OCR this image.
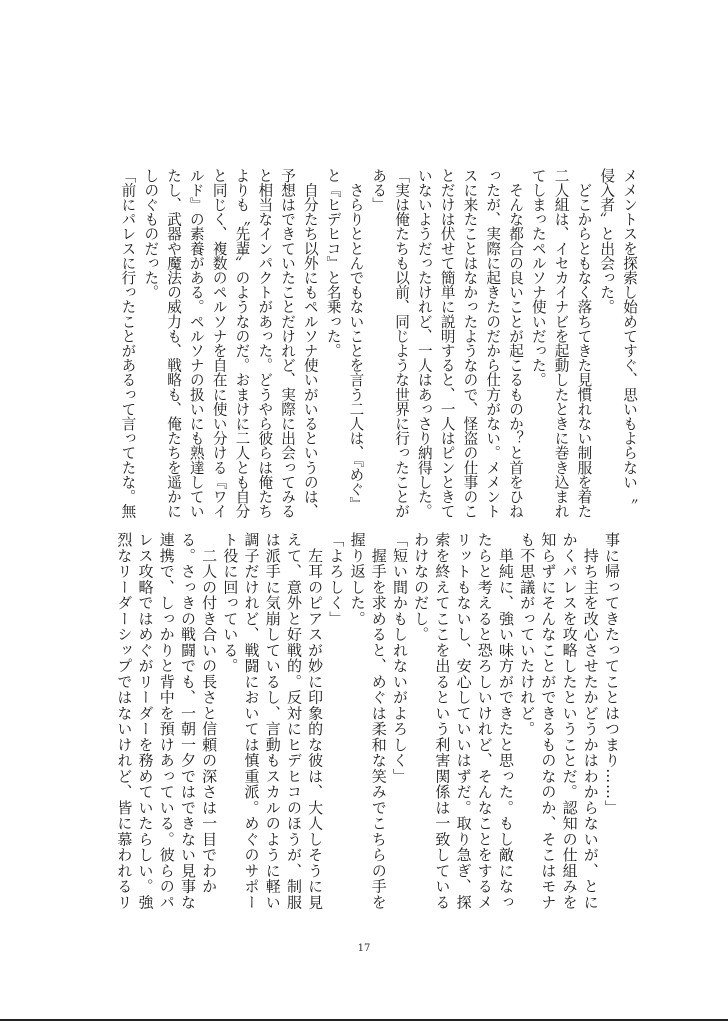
メメントスを探索し始めてすぐ、思いもよらない〝
侵入者〟と出会った。
　どこからともなく落ちてきた見慣れない制服を着た
二人組は、イセカイナビを起動したときに巻き込まれ
てしまったペルソナ使いだった。
　そんな都合の良いことが起こるものか？と首をひね
ったが、実際に起きたのだから仕方がない。メメント
スに来たことはなかったようなので、怪盗の仕事のこ
とだけは伏せて簡単に説明すると、一人はピンときて
いないようだったけれど、一人はあっさり納得した。
「実は俺たちも以前、同じような世界に行ったことが
ある」
　さらりととんでもないことを言う二人は、『めぐ』
と『ヒデヒコ』と名乗った。
　自分たち以外にもペルソナ使いがいるというのは、
予想はできていたことだけれど、実際に出会ってみる
と相当なインパクトがあった。どうやら彼らは俺たち
よりも〝先輩〟のようなのだ。おまけに二人とも自分
と同じく、複数のペルソナを自在に使い分ける『ワイ
ルド』の素養がある。ペルソナの扱いにも熟達してい
たし、武器や魔法の威力も、戦略も、俺たちを遥かに
しのぐものだった。
「前にパレスに行ったことがあるって言ってたな。無
事に帰ってきたってことはつまり……」
　持ち主を改心させたかどうかはわからないが、とに
かくパレスを攻略したということだ。認知の仕組みを
知らずにそんなことができるものなのか、そこはモナ
も不思議がっていたけれど。
　単純に、強い味方ができたと思った。もし敵になっ
たらと考えると恐ろしいけれど、そんなことをするメ
リットもないし、安心していいはずだ。取り急ぎ、探
索を終えてここを出るという利害関係は一致している
わけなのだし。
「短い間かもしれないがよろしく」
　握手を求めると、めぐは柔和な笑みでこちらの手を
握り返した。
「よろしく」
　左耳のピアスが妙に印象的な彼は、大人しそうに見
えて、意外と好戦的。反対にヒデヒコのほうが、制服
は派手に気崩しているし、言動もスカルのように軽い
調子だけれど、戦闘においては慎重派。めぐのサポー
ト役に回っている。
　二人の付き合いの長さと信頼の深さは一目でわか
る。さっきの戦闘でも、一朝一夕ではできない見事な
連携で、しっかりと背中を預けあっている。彼らのパ
レス攻略ではめぐがリーダーを務めていたらしい。強
烈なリーダーシップではないけれど、皆に慕われるリ
17
